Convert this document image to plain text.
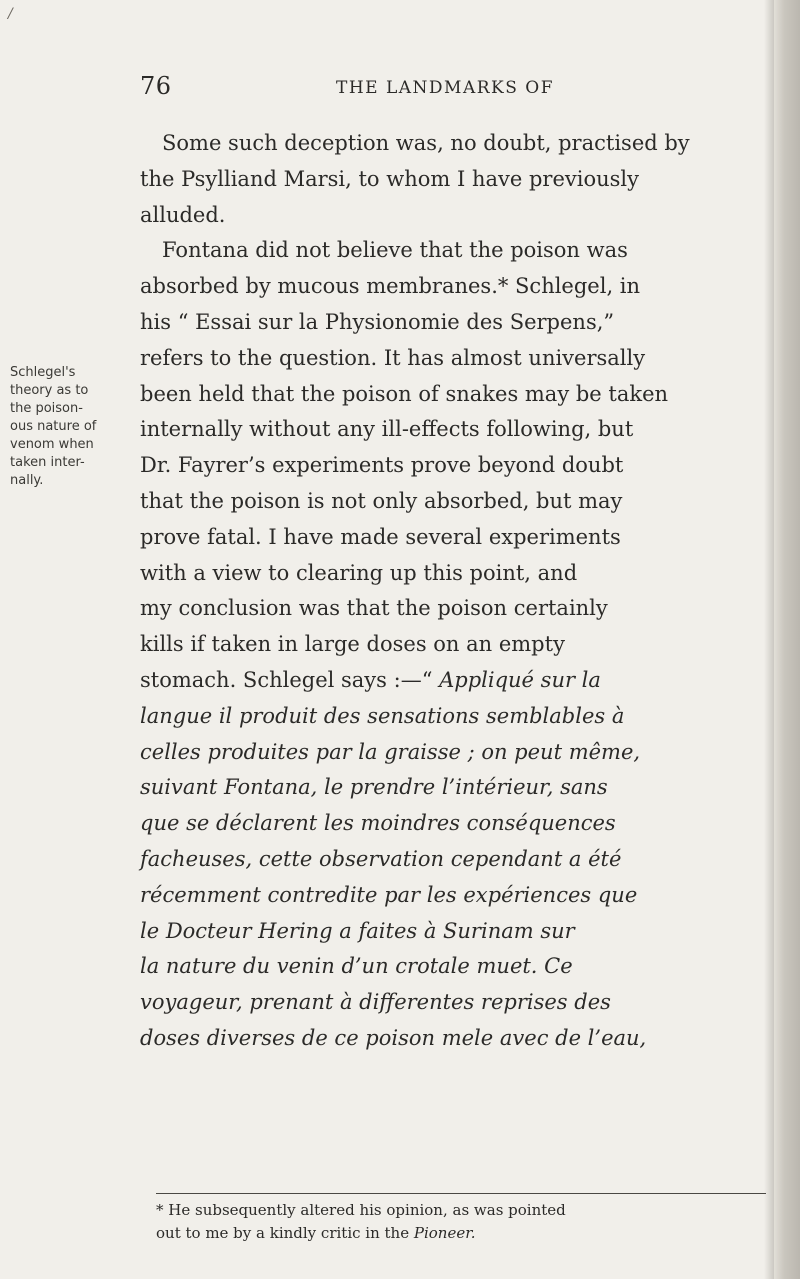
/
76	THE LANDMARKS OF
Schlegel's
theory as to
the poison-
ous nature of
venom when
taken inter-
nally.
Some such deception was, no doubt, practised by
the Psylliand Marsi, to whom I have previously
alluded.
Fontana did not believe that the poison was
absorbed by mucous membranes.* Schlegel, in
his “ Essai sur la Physionomie des Serpens,”
refers to the question. It has almost universally
been held that the poison of snakes may be taken
internally without any ill-effects following, but
Dr. Fayrer’s experiments prove beyond doubt
that the poison is not only absorbed, but may
prove fatal. I have made several experiments
with a view to clearing up this point, and
my conclusion was that the poison certainly
kills if taken in large doses on an empty
stomach. Schlegel says :—“ Appliqué sur la
langue il produit des sensations semblables à
celles produites par la graisse ; on peut même,
suivant Fontana, le prendre l’intérieur, sans
que se déclarent les moindres conséquences
facheuses, cette observation cependant a été
récemment contredite par les expériences que
le Docteur Hering a faites à Surinam sur
la nature du venin d’un crotale muet. Ce
voyageur, prenant à differentes reprises des
doses diverses de ce poison mele avec de l’eau,
* He subsequently altered his opinion, as was pointed
out to me by a kindly critic in the Pioneer.
